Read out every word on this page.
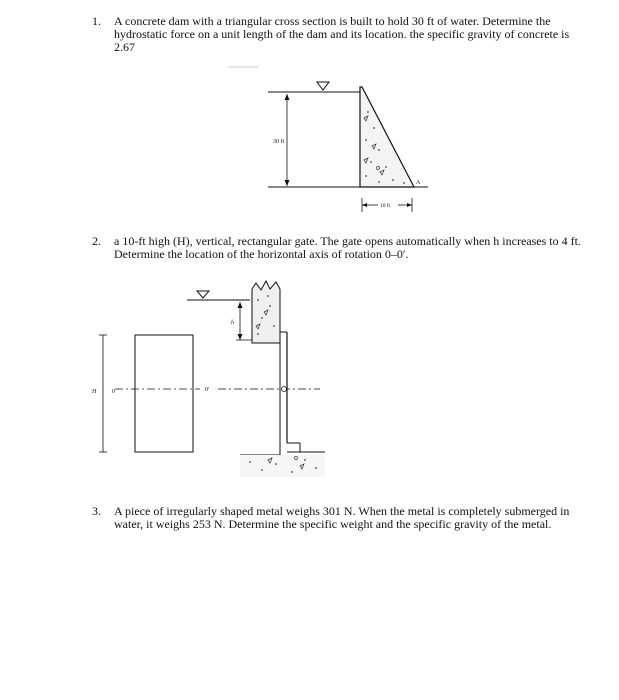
1. A concrete dam with a triangular cross section is built to hold 30 ft of water. Determine the hydrostatic force on a unit length of the dam and its location. the specific gravity of concrete is 2.67
30 ft
A
10 ft
2. a 10-ft high (H), vertical, rectangular gate. The gate opens automatically when h increases to 4 ft. Determine the location of the horizontal axis of rotation 0–0′.
h
0	0′
H
3. A piece of irregularly shaped metal weighs 301 N. When the metal is completely submerged in water, it weighs 253 N. Determine the specific weight and the specific gravity of the metal.
